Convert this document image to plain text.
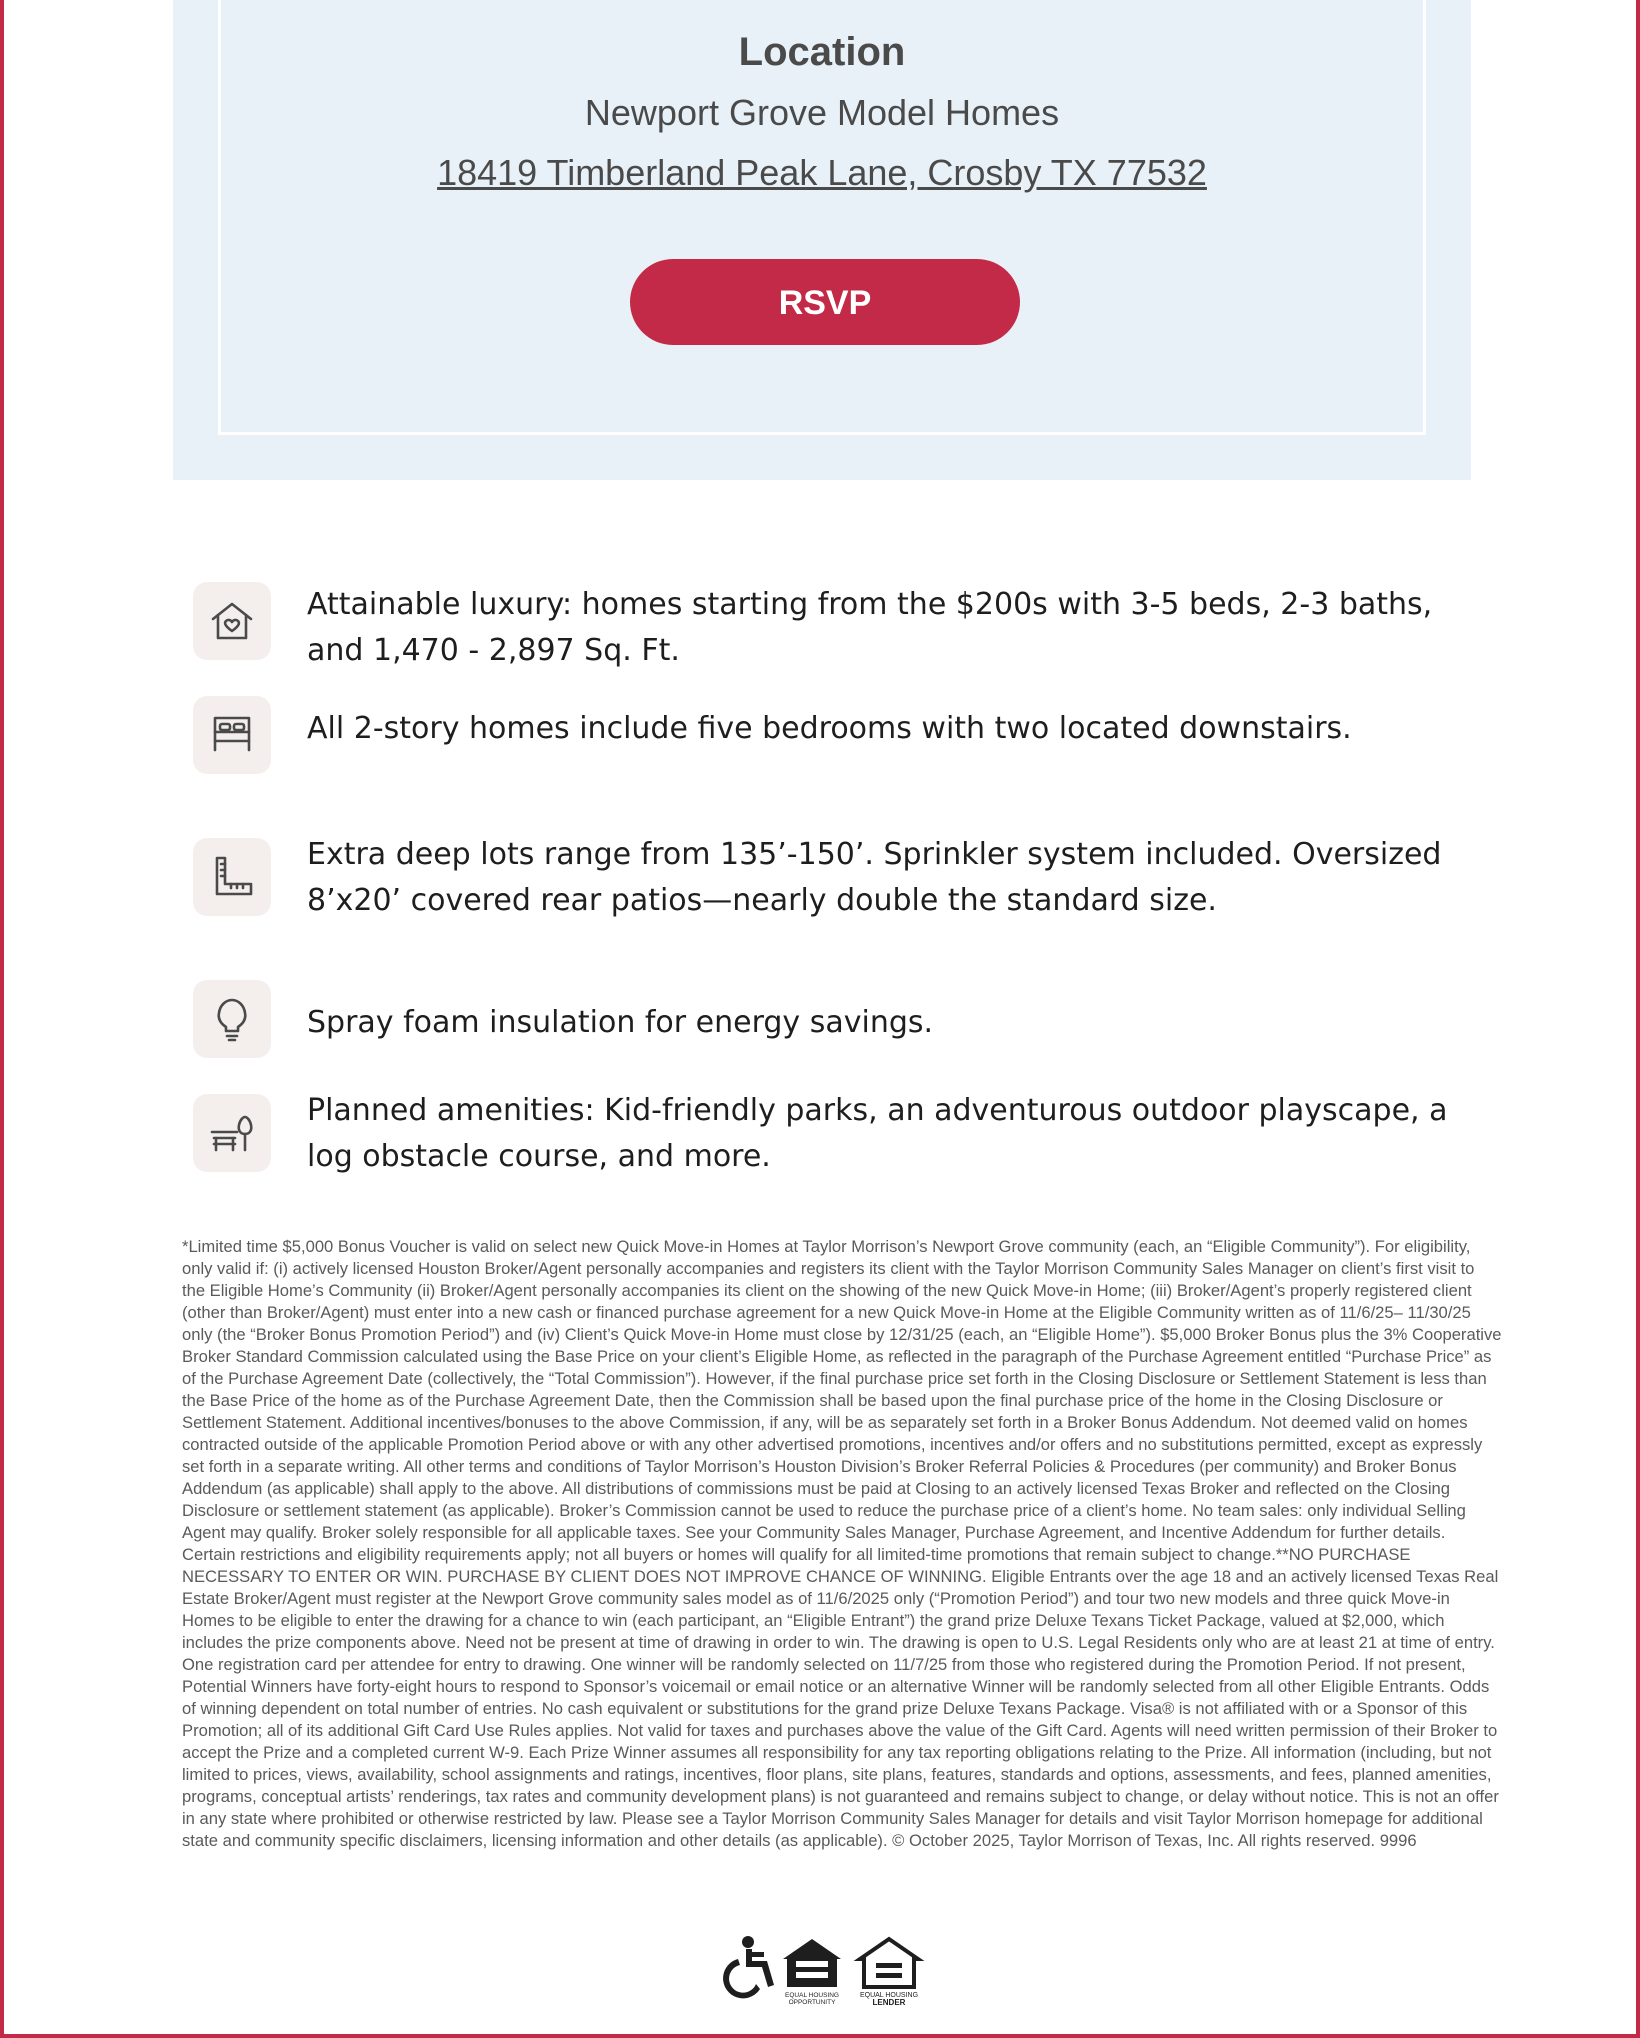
Location
Newport Grove Model Homes
18419 Timberland Peak Lane, Crosby TX 77532
RSVP
Attainable luxury: homes starting from the $200s with 3-5 beds, 2-3 baths, and 1,470 - 2,897 Sq. Ft.
All 2-story homes include five bedrooms with two located downstairs.
Extra deep lots range from 135’-150’. Sprinkler system included. Oversized 8’x20’ covered rear patios—nearly double the standard size.
Spray foam insulation for energy savings.
Planned amenities: Kid-friendly parks, an adventurous outdoor playscape, a log obstacle course, and more.

*Limited time $5,000 Bonus Voucher is valid on select new Quick Move-in Homes at Taylor Morrison’s Newport Grove community (each, an “Eligible Community”). For eligibility, only valid if: (i) actively licensed Houston Broker/Agent personally accompanies and registers its client with the Taylor Morrison Community Sales Manager on client’s first visit to the Eligible Home’s Community (ii) Broker/Agent personally accompanies its client on the showing of the new Quick Move-in Home; (iii) Broker/Agent’s properly registered client (other than Broker/Agent) must enter into a new cash or financed purchase agreement for a new Quick Move-in Home at the Eligible Community written as of 11/6/25– 11/30/25 only (the “Broker Bonus Promotion Period”) and (iv) Client’s Quick Move-in Home must close by 12/31/25 (each, an “Eligible Home”). $5,000 Broker Bonus plus the 3% Cooperative Broker Standard Commission calculated using the Base Price on your client’s Eligible Home, as reflected in the paragraph of the Purchase Agreement entitled “Purchase Price” as of the Purchase Agreement Date (collectively, the “Total Commission”). However, if the final purchase price set forth in the Closing Disclosure or Settlement Statement is less than the Base Price of the home as of the Purchase Agreement Date, then the Commission shall be based upon the final purchase price of the home in the Closing Disclosure or Settlement Statement. Additional incentives/bonuses to the above Commission, if any, will be as separately set forth in a Broker Bonus Addendum. Not deemed valid on homes contracted outside of the applicable Promotion Period above or with any other advertised promotions, incentives and/or offers and no substitutions permitted, except as expressly set forth in a separate writing. All other terms and conditions of Taylor Morrison’s Houston Division’s Broker Referral Policies & Procedures (per community) and Broker Bonus Addendum (as applicable) shall apply to the above. All distributions of commissions must be paid at Closing to an actively licensed Texas Broker and reflected on the Closing Disclosure or settlement statement (as applicable). Broker’s Commission cannot be used to reduce the purchase price of a client’s home. No team sales: only individual Selling Agent may qualify. Broker solely responsible for all applicable taxes. See your Community Sales Manager, Purchase Agreement, and Incentive Addendum for further details. Certain restrictions and eligibility requirements apply; not all buyers or homes will qualify for all limited-time promotions that remain subject to change.**NO PURCHASE NECESSARY TO ENTER OR WIN. PURCHASE BY CLIENT DOES NOT IMPROVE CHANCE OF WINNING. Eligible Entrants over the age 18 and an actively licensed Texas Real Estate Broker/Agent must register at the Newport Grove community sales model as of 11/6/2025 only (“Promotion Period”) and tour two new models and three quick Move-in Homes to be eligible to enter the drawing for a chance to win (each participant, an “Eligible Entrant”) the grand prize Deluxe Texans Ticket Package, valued at $2,000, which includes the prize components above. Need not be present at time of drawing in order to win. The drawing is open to U.S. Legal Residents only who are at least 21 at time of entry. One registration card per attendee for entry to drawing. One winner will be randomly selected on 11/7/25 from those who registered during the Promotion Period. If not present, Potential Winners have forty-eight hours to respond to Sponsor’s voicemail or email notice or an alternative Winner will be randomly selected from all other Eligible Entrants. Odds of winning dependent on total number of entries. No cash equivalent or substitutions for the grand prize Deluxe Texans Package. Visa® is not affiliated with or a Sponsor of this Promotion; all of its additional Gift Card Use Rules applies. Not valid for taxes and purchases above the value of the Gift Card. Agents will need written permission of their Broker to accept the Prize and a completed current W-9. Each Prize Winner assumes all responsibility for any tax reporting obligations relating to the Prize. All information (including, but not limited to prices, views, availability, school assignments and ratings, incentives, floor plans, site plans, features, standards and options, assessments, and fees, planned amenities, programs, conceptual artists’ renderings, tax rates and community development plans) is not guaranteed and remains subject to change, or delay without notice. This is not an offer in any state where prohibited or otherwise restricted by law. Please see a Taylor Morrison Community Sales Manager for details and visit Taylor Morrison homepage for additional state and community specific disclaimers, licensing information and other details (as applicable). © October 2025, Taylor Morrison of Texas, Inc. All rights reserved. 9996

EQUAL HOUSING
OPPORTUNITY
EQUAL HOUSING
LENDER
